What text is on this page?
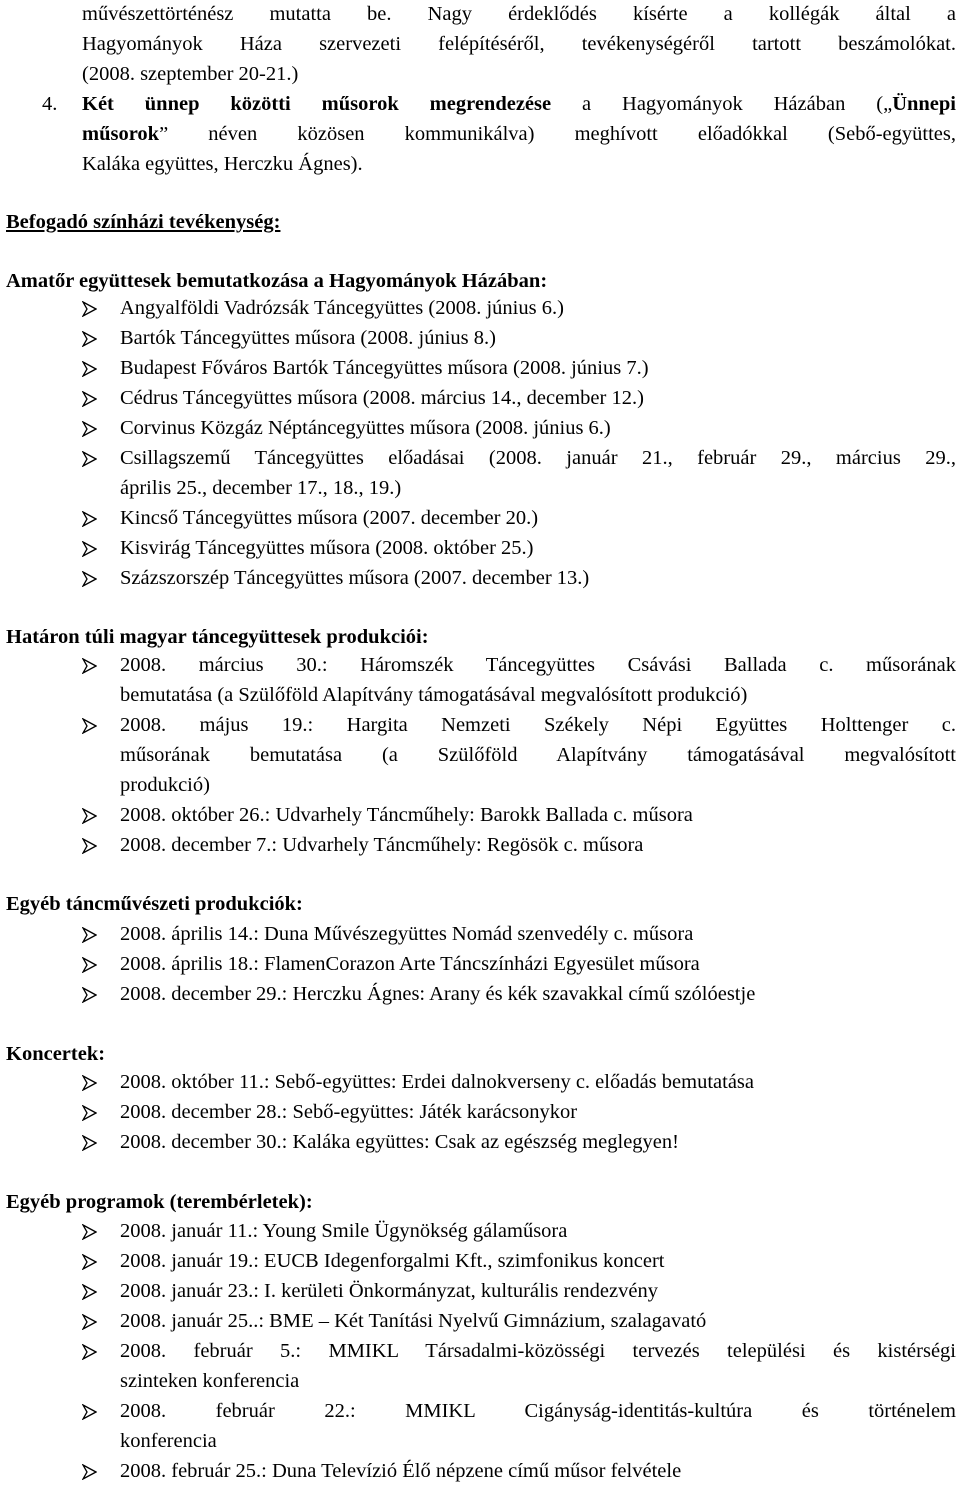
művészettörténész mutatta be. Nagy érdeklődés kísérte a kollégák által a
Hagyományok Háza szervezeti felépítéséről, tevékenységéről tartott beszámolókat.
(2008. szeptember 20-21.)
4. Két ünnep közötti műsorok megrendezése a Hagyományok Házában („Ünnepi
műsorok” néven közösen kommunikálva) meghívott előadókkal (Sebő-együttes,
Kaláka együttes, Herczku Ágnes).
Befogadó színházi tevékenység:
Amatőr együttesek bemutatkozása a Hagyományok Házában:
Határon túli magyar táncegyüttesek produkciói:
Egyéb táncművészeti produkciók:
Koncertek:
Egyéb programok (terembérletek):
Angyalföldi Vadrózsák Táncegyüttes (2008. június 6.)
Bartók Táncegyüttes műsora (2008. június 8.)
Budapest Főváros Bartók Táncegyüttes műsora (2008. június 7.)
Cédrus Táncegyüttes műsora (2008. március 14., december 12.)
Corvinus Közgáz Néptáncegyüttes műsora (2008. június 6.)
Csillagszemű Táncegyüttes előadásai (2008. január 21., február 29., március 29.,
április 25., december 17., 18., 19.)
Kincső Táncegyüttes műsora (2007. december 20.)
Kisvirág Táncegyüttes műsora (2008. október 25.)
Százszorszép Táncegyüttes műsora (2007. december 13.)
2008. március 30.: Háromszék Táncegyüttes Csávási Ballada c. műsorának
bemutatása (a Szülőföld Alapítvány támogatásával megvalósított produkció)
2008. május 19.: Hargita Nemzeti Székely Népi Együttes Holttenger c.
műsorának bemutatása (a Szülőföld Alapítvány támogatásával megvalósított
produkció)
2008. október 26.: Udvarhely Táncműhely: Barokk Ballada c. műsora
2008. december 7.: Udvarhely Táncműhely: Regösök c. műsora
2008. április 14.: Duna Művészegyüttes Nomád szenvedély c. műsora
2008. április 18.: FlamenCorazon Arte Táncszínházi Egyesület műsora
2008. december 29.: Herczku Ágnes: Arany és kék szavakkal című szólóestje
2008. október 11.: Sebő-együttes: Erdei dalnokverseny c. előadás bemutatása
2008. december 28.: Sebő-együttes: Játék karácsonykor
2008. december 30.: Kaláka együttes: Csak az egészség meglegyen!
2008. január 11.: Young Smile Ügynökség gálaműsora
2008. január 19.: EUCB Idegenforgalmi Kft., szimfonikus koncert
2008. január 23.: I. kerületi Önkormányzat, kulturális rendezvény
2008. január 25..: BME – Két Tanítási Nyelvű Gimnázium, szalagavató
2008. február 5.: MMIKL Társadalmi-közösségi tervezés települési és kistérségi
szinteken konferencia
2008. február 22.: MMIKL Cigányság-identitás-kultúra és történelem
konferencia
2008. február 25.: Duna Televízió Élő népzene című műsor felvétele
